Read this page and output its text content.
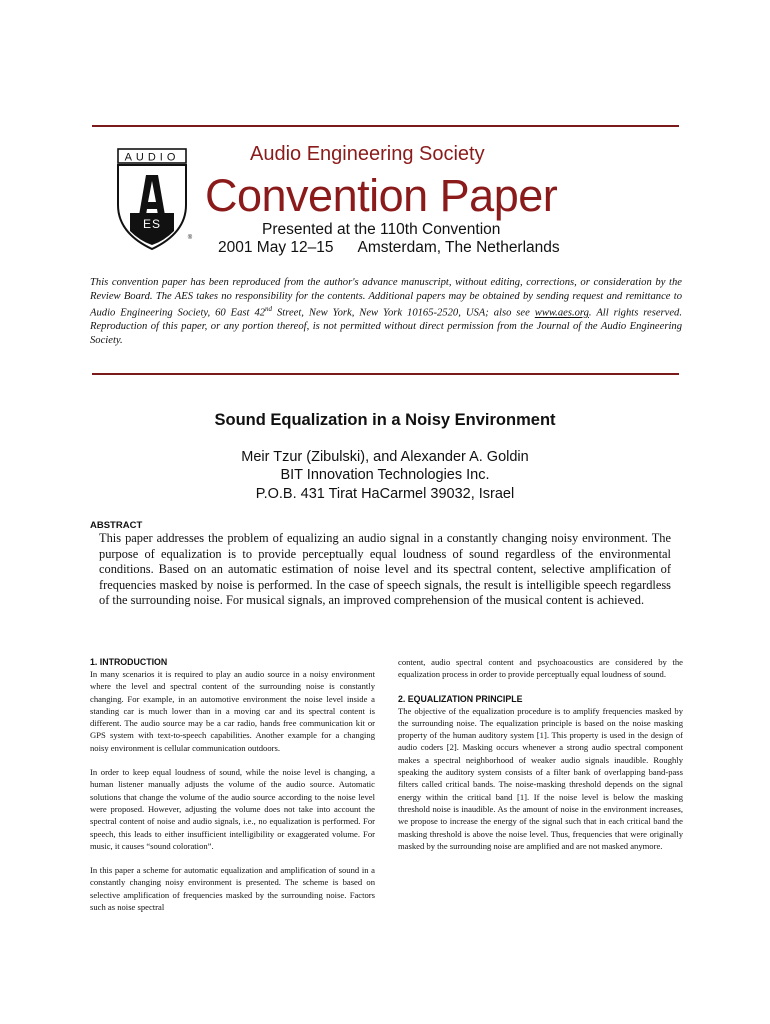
AUDIO
ES
®
Audio Engineering Society
Convention Paper
Presented at the 110th Convention
2001 May 12–15 Amsterdam, The Netherlands
This convention paper has been reproduced from the author's advance manuscript, without editing, corrections, or consideration by the Review Board. The AES takes no responsibility for the contents. Additional papers may be obtained by sending request and remittance to Audio Engineering Society, 60 East 42nd Street, New York, New York 10165-2520, USA; also see www.aes.org. All rights reserved. Reproduction of this paper, or any portion thereof, is not permitted without direct permission from the Journal of the Audio Engineering Society.
Sound Equalization in a Noisy Environment
Meir Tzur (Zibulski), and Alexander A. Goldin
BIT Innovation Technologies Inc.
P.O.B. 431 Tirat HaCarmel 39032, Israel
ABSTRACT
This paper addresses the problem of equalizing an audio signal in a constantly changing noisy environment. The purpose of equalization is to provide perceptually equal loudness of sound regardless of the environmental conditions. Based on an automatic estimation of noise level and its spectral content, selective amplification of frequencies masked by noise is performed. In the case of speech signals, the result is intelligible speech regardless of the surrounding noise. For musical signals, an improved comprehension of the musical content is achieved.
1. INTRODUCTION

In many scenarios it is required to play an audio source in a noisy environment where the level and spectral content of the surrounding noise is constantly changing. For example, in an automotive environment the noise level inside a standing car is much lower than in a moving car and its spectral content is different. The audio source may be a car radio, hands free communication kit or GPS system with text-to-speech capabilities. Another example for a changing noisy environment is cellular communication outdoors.

In order to keep equal loudness of sound, while the noise level is changing, a human listener manually adjusts the volume of the audio source. Automatic solutions that change the volume of the audio source according to the noise level were proposed. However, adjusting the volume does not take into account the spectral content of noise and audio signals, i.e., no equalization is performed. For speech, this leads to either insufficient intelligibility or exaggerated volume. For music, it causes “sound coloration”.

In this paper a scheme for automatic equalization and amplification of sound in a constantly changing noisy environment is presented. The scheme is based on selective amplification of frequencies masked by the surrounding noise. Factors such as noise spectral

content, audio spectral content and psychoacoustics are considered by the equalization process in order to provide perceptually equal loudness of sound.

2. EQUALIZATION PRINCIPLE

The objective of the equalization procedure is to amplify frequencies masked by the surrounding noise. The equalization principle is based on the noise masking property of the human auditory system [1]. This property is used in the design of audio coders [2]. Masking occurs whenever a strong audio spectral component makes a spectral neighborhood of weaker audio signals inaudible. Roughly speaking the auditory system consists of a filter bank of overlapping band-pass filters called critical bands. The noise-masking threshold depends on the signal energy within the critical band [1]. If the noise level is below the masking threshold noise is inaudible. As the amount of noise in the environment increases, we propose to increase the energy of the signal such that in each critical band the masking threshold is above the noise level. Thus, frequencies that were originally masked by the surrounding noise are amplified and are not masked anymore.
